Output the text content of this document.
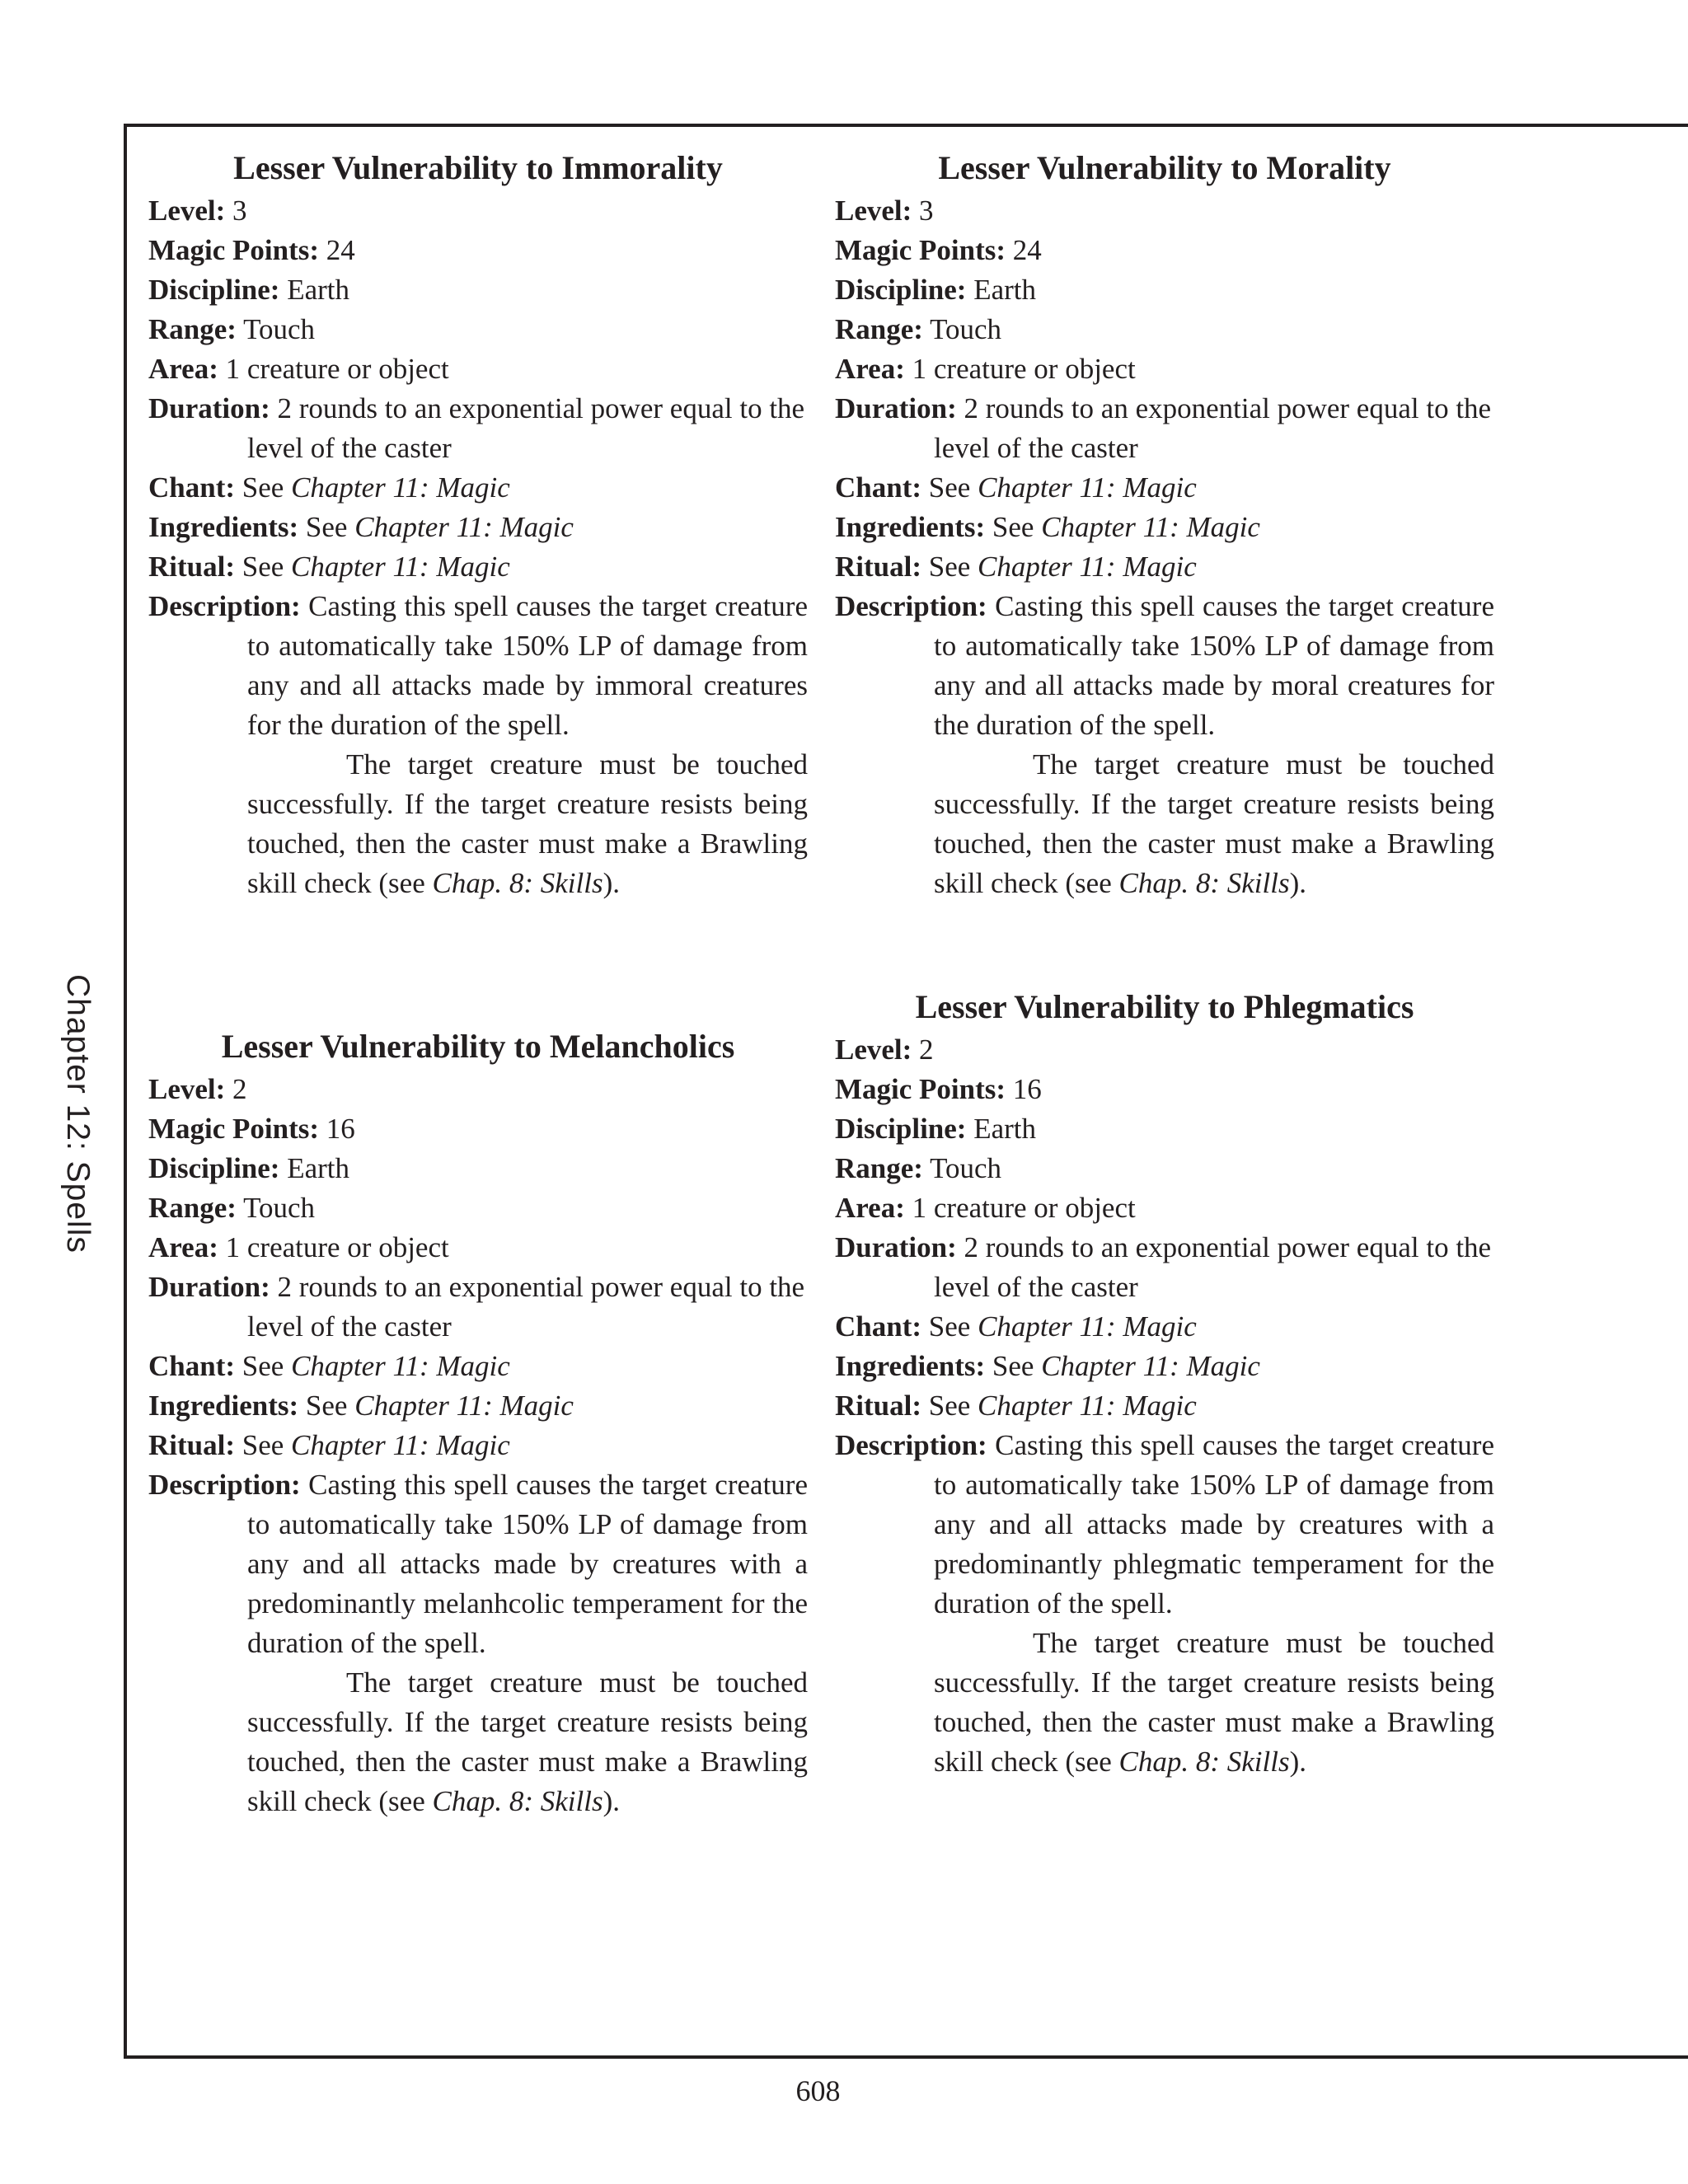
Chapter 12: Spells
Lesser Vulnerability to Immorality

Level: 3

Magic Points: 24

Discipline: Earth

Range: Touch

Area: 1 creature or object

Duration: 2 rounds to an exponential power equal to the level of the caster

Chant: See Chapter 11: Magic

Ingredients: See Chapter 11: Magic

Ritual: See Chapter 11: Magic

Description: Casting this spell causes the target creature to automatically take 150% LP of damage from any and all attacks made by immoral creatures for the duration of the spell.

The target creature must be touched successfully. If the target creature resists being touched, then the caster must make a Brawling skill check (see Chap. 8: Skills).

Lesser Vulnerability to Morality

Level: 3

Magic Points: 24

Discipline: Earth

Range: Touch

Area: 1 creature or object

Duration: 2 rounds to an exponential power equal to the level of the caster

Chant: See Chapter 11: Magic

Ingredients: See Chapter 11: Magic

Ritual: See Chapter 11: Magic

Description: Casting this spell causes the target creature to automatically take 150% LP of damage from any and all attacks made by moral creatures for the duration of the spell.

The target creature must be touched successfully. If the target creature resists being touched, then the caster must make a Brawling skill check (see Chap. 8: Skills).

Lesser Vulnerability to Melancholics

Level: 2

Magic Points: 16

Discipline: Earth

Range: Touch

Area: 1 creature or object

Duration: 2 rounds to an exponential power equal to the level of the caster

Chant: See Chapter 11: Magic

Ingredients: See Chapter 11: Magic

Ritual: See Chapter 11: Magic

Description: Casting this spell causes the target creature to automatically take 150% LP of damage from any and all attacks made by creatures with a predominantly melanhcolic temperament for the duration of the spell.

The target creature must be touched successfully. If the target creature resists being touched, then the caster must make a Brawling skill check (see Chap. 8: Skills).

Lesser Vulnerability to Phlegmatics

Level: 2

Magic Points: 16

Discipline: Earth

Range: Touch

Area: 1 creature or object

Duration: 2 rounds to an exponential power equal to the level of the caster

Chant: See Chapter 11: Magic

Ingredients: See Chapter 11: Magic

Ritual: See Chapter 11: Magic

Description: Casting this spell causes the target creature to automatically take 150% LP of damage from any and all attacks made by creatures with a predominantly phlegmatic temperament for the duration of the spell.

The target creature must be touched successfully. If the target creature resists being touched, then the caster must make a Brawling skill check (see Chap. 8: Skills).

608
